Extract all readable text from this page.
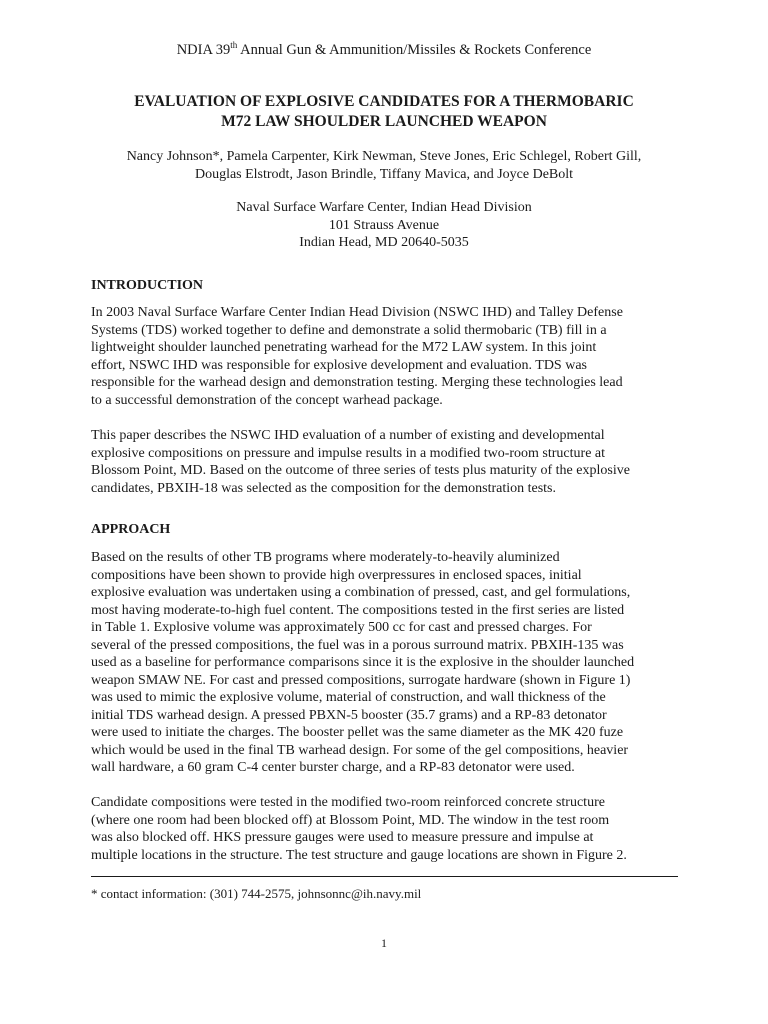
NDIA 39th Annual Gun & Ammunition/Missiles & Rockets Conference
EVALUATION OF EXPLOSIVE CANDIDATES FOR A THERMOBARIC
M72 LAW SHOULDER LAUNCHED WEAPON
Nancy Johnson*, Pamela Carpenter, Kirk Newman, Steve Jones, Eric Schlegel, Robert Gill,
Douglas Elstrodt, Jason Brindle, Tiffany Mavica, and Joyce DeBolt
Naval Surface Warfare Center, Indian Head Division
101 Strauss Avenue
Indian Head, MD 20640-5035
INTRODUCTION
In 2003 Naval Surface Warfare Center Indian Head Division (NSWC IHD) and Talley Defense
Systems (TDS) worked together to define and demonstrate a solid thermobaric (TB) fill in a
lightweight shoulder launched penetrating warhead for the M72 LAW system. In this joint
effort, NSWC IHD was responsible for explosive development and evaluation. TDS was
responsible for the warhead design and demonstration testing. Merging these technologies lead
to a successful demonstration of the concept warhead package.
This paper describes the NSWC IHD evaluation of a number of existing and developmental
explosive compositions on pressure and impulse results in a modified two-room structure at
Blossom Point, MD. Based on the outcome of three series of tests plus maturity of the explosive
candidates, PBXIH-18 was selected as the composition for the demonstration tests.
APPROACH
Based on the results of other TB programs where moderately-to-heavily aluminized
compositions have been shown to provide high overpressures in enclosed spaces, initial
explosive evaluation was undertaken using a combination of pressed, cast, and gel formulations,
most having moderate-to-high fuel content. The compositions tested in the first series are listed
in Table 1. Explosive volume was approximately 500 cc for cast and pressed charges. For
several of the pressed compositions, the fuel was in a porous surround matrix. PBXIH-135 was
used as a baseline for performance comparisons since it is the explosive in the shoulder launched
weapon SMAW NE. For cast and pressed compositions, surrogate hardware (shown in Figure 1)
was used to mimic the explosive volume, material of construction, and wall thickness of the
initial TDS warhead design. A pressed PBXN-5 booster (35.7 grams) and a RP-83 detonator
were used to initiate the charges. The booster pellet was the same diameter as the MK 420 fuze
which would be used in the final TB warhead design. For some of the gel compositions, heavier
wall hardware, a 60 gram C-4 center burster charge, and a RP-83 detonator were used.
Candidate compositions were tested in the modified two-room reinforced concrete structure
(where one room had been blocked off) at Blossom Point, MD. The window in the test room
was also blocked off. HKS pressure gauges were used to measure pressure and impulse at
multiple locations in the structure. The test structure and gauge locations are shown in Figure 2.
* contact information: (301) 744-2575, johnsonnc@ih.navy.mil
1
